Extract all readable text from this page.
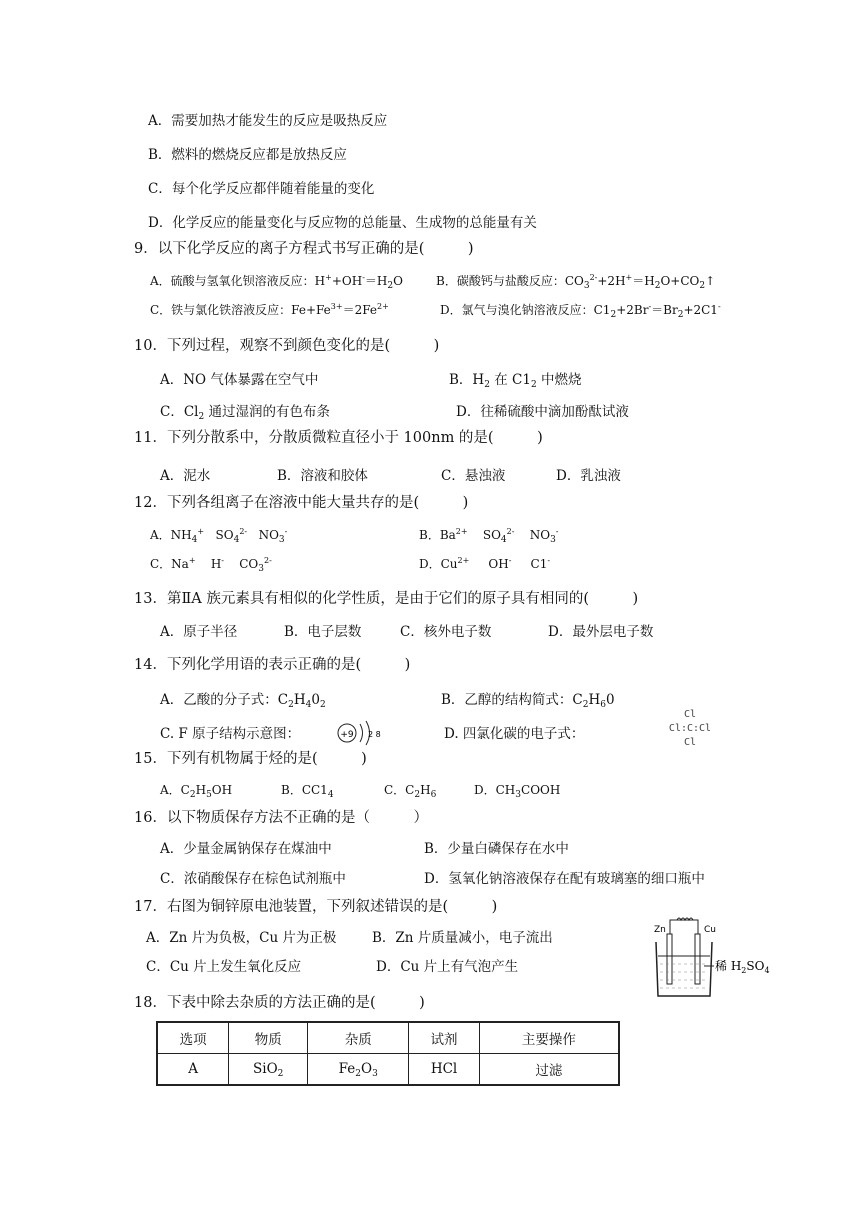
A．需要加热才能发生的反应是吸热反应
B．燃料的燃烧反应都是放热反应
C．每个化学反应都伴随着能量的变化
D．化学反应的能量变化与反应物的总能量、生成物的总能量有关
9．以下化学反应的离子方程式书写正确的是(　　　)
A．硫酸与氢氧化钡溶液反应：$H^++OH^-=H_2O$	B．碳酸钙与盐酸反应：$CO_3^{2-}+2H^+=H_2O+CO_2↑$
C．铁与氯化铁溶液反应：$Fe+Fe^{3+}=2Fe^{2+}$	D．氯气与溴化钠溶液反应：$C1_2+2Br^-=Br_2+2C1^-$
10．下列过程，观察不到颜色变化的是(　　　)
A．NO 气体暴露在空气中	B．$H_2$ 在 $C1_2$ 中燃烧
C．$Cl_2$ 通过湿润的有色布条	D．往稀硫酸中滴加酚酞试液
11．下列分散系中，分散质微粒直径小于 100nm 的是(　　　)
A．泥水	B．溶液和胶体	C．悬浊液	D．乳浊液
12．下列各组离子在溶液中能大量共存的是(　　　)
A．$NH_4^+$ $SO_4^{2-}$ $NO_3^-$	B．$Ba^{2+}$ $SO_4^{2-}$ $NO_3^-$
C．Na+ H- $CO_3^{2-}$	D．$Cu^{2+}$ OH- C1-
13．第ⅡA 族元素具有相似的化学性质，是由于它们的原子具有相同的(　　　)
A．原子半径	B．电子层数	C．核外电子数	D．最外层电子数
14．下列化学用语的表示正确的是(　　　)
A．乙酸的分子式：$C_2H_40_2$	B．乙醇的结构简式：$C_2H_60$
C. F 原子结构示意图：	+9 2 8	D. 四氯化碳的电子式：
Cl
Cl:C:Cl
Cl
15．下列有机物属于烃的是(　　　)
A．$C_2H_5OH$	B．$CC1_4$	C．$C_2H_6$	D．$CH_3COOH$
16．以下物质保存方法不正确的是（　　　）
A．少量金属钠保存在煤油中	B．少量白磷保存在水中
C．浓硝酸保存在棕色试剂瓶中	D．氢氧化钠溶液保存在配有玻璃塞的细口瓶中
17．右图为铜锌原电池装置，下列叙述错误的是(　　　)
A．Zn 片为负极，Cu 片为正极	B．Zn 片质量减小，电子流出
C．Cu 片上发生氧化反应	D．Cu 片上有气泡产生
Zn	Cu
稀 $H_2SO_4$
18．下表中除去杂质的方法正确的是(　　　)
选项	物质	杂质	试剂	主要操作
A	SiO$_2$	$Fe_2O_3$	HCl	过滤
